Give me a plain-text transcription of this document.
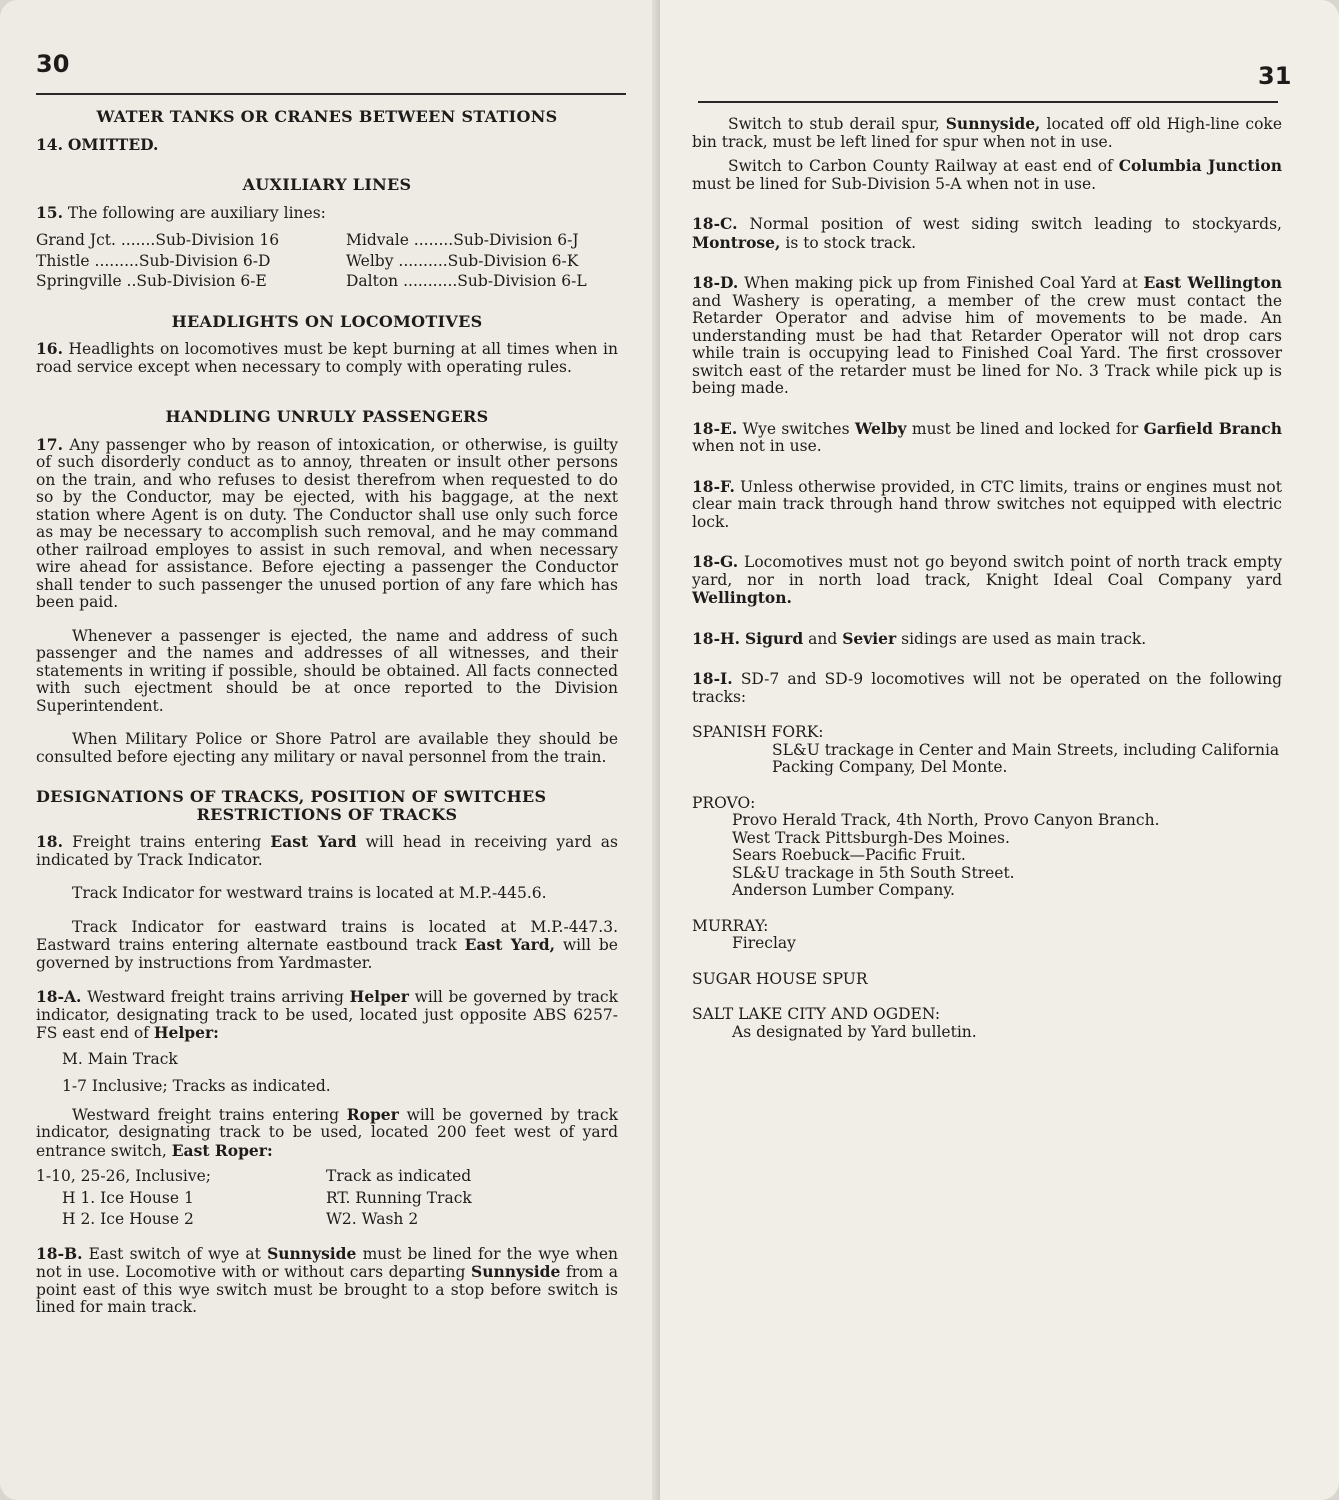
30
WATER TANKS OR CRANES BETWEEN STATIONS

14. OMITTED.

AUXILIARY LINES

15. The following are auxiliary lines:

Grand Jct. .......Sub-Division 16	Midvale ........Sub-Division 6-J
Thistle .........Sub-Division 6-D	Welby ..........Sub-Division 6-K
Springville ..Sub-Division 6-E	Dalton ...........Sub-Division 6-L
HEADLIGHTS ON LOCOMOTIVES

16. Headlights on locomotives must be kept burning at all times when in road service except when necessary to comply with operating rules.

HANDLING UNRULY PASSENGERS

17. Any passenger who by reason of intoxication, or otherwise, is guilty of such disorderly conduct as to annoy, threaten or insult other persons on the train, and who refuses to desist therefrom when requested to do so by the Conductor, may be ejected, with his baggage, at the next station where Agent is on duty. The Conductor shall use only such force as may be necessary to accomplish such removal, and he may command other railroad employes to assist in such removal, and when necessary wire ahead for assistance. Before ejecting a passenger the Conductor shall tender to such passenger the unused portion of any fare which has been paid.

Whenever a passenger is ejected, the name and address of such passenger and the names and addresses of all witnesses, and their statements in writing if possible, should be obtained. All facts connected with such ejectment should be at once reported to the Division Superintendent.

When Military Police or Shore Patrol are available they should be consulted before ejecting any military or naval personnel from the train.

DESIGNATIONS OF TRACKS, POSITION OF SWITCHES
RESTRICTIONS OF TRACKS

18. Freight trains entering East Yard will head in receiving yard as indicated by Track Indicator.

Track Indicator for westward trains is located at M.P.-445.6.

Track Indicator for eastward trains is located at M.P.-447.3. Eastward trains entering alternate eastbound track East Yard, will be governed by instructions from Yardmaster.

18-A. Westward freight trains arriving Helper will be governed by track indicator, designating track to be used, located just opposite ABS 6257-FS east end of Helper:

M. Main Track
1-7 Inclusive; Tracks as indicated.

Westward freight trains entering Roper will be governed by track indicator, designating track to be used, located 200 feet west of yard entrance switch, East Roper:

1-10, 25-26, Inclusive;	Track as indicated
H 1. Ice House 1	RT. Running Track
H 2. Ice House 2	W2. Wash 2

18-B. East switch of wye at Sunnyside must be lined for the wye when not in use. Locomotive with or without cars departing Sunnyside from a point east of this wye switch must be brought to a stop before switch is lined for main track.

31

Switch to stub derail spur, Sunnyside, located off old High-line coke bin track, must be left lined for spur when not in use.

Switch to Carbon County Railway at east end of Columbia Junction must be lined for Sub-Division 5-A when not in use.

18-C. Normal position of west siding switch leading to stockyards, Montrose, is to stock track.

18-D. When making pick up from Finished Coal Yard at East Wellington and Washery is operating, a member of the crew must contact the Retarder Operator and advise him of movements to be made. An understanding must be had that Retarder Operator will not drop cars while train is occupying lead to Finished Coal Yard. The first crossover switch east of the retarder must be lined for No. 3 Track while pick up is being made.

18-E. Wye switches Welby must be lined and locked for Garfield Branch when not in use.

18-F. Unless otherwise provided, in CTC limits, trains or engines must not clear main track through hand throw switches not equipped with electric lock.

18-G. Locomotives must not go beyond switch point of north track empty yard, nor in north load track, Knight Ideal Coal Company yard Wellington.

18-H. Sigurd and Sevier sidings are used as main track.

18-I. SD-7 and SD-9 locomotives will not be operated on the following tracks:

SPANISH FORK:
SL&U trackage in Center and Main Streets, including California Packing Company, Del Monte.
PROVO:
Provo Herald Track, 4th North, Provo Canyon Branch.
West Track Pittsburgh-Des Moines.
Sears Roebuck—Pacific Fruit.
SL&U trackage in 5th South Street.
Anderson Lumber Company.
MURRAY:
Fireclay
SUGAR HOUSE SPUR
SALT LAKE CITY AND OGDEN:
As designated by Yard bulletin.
